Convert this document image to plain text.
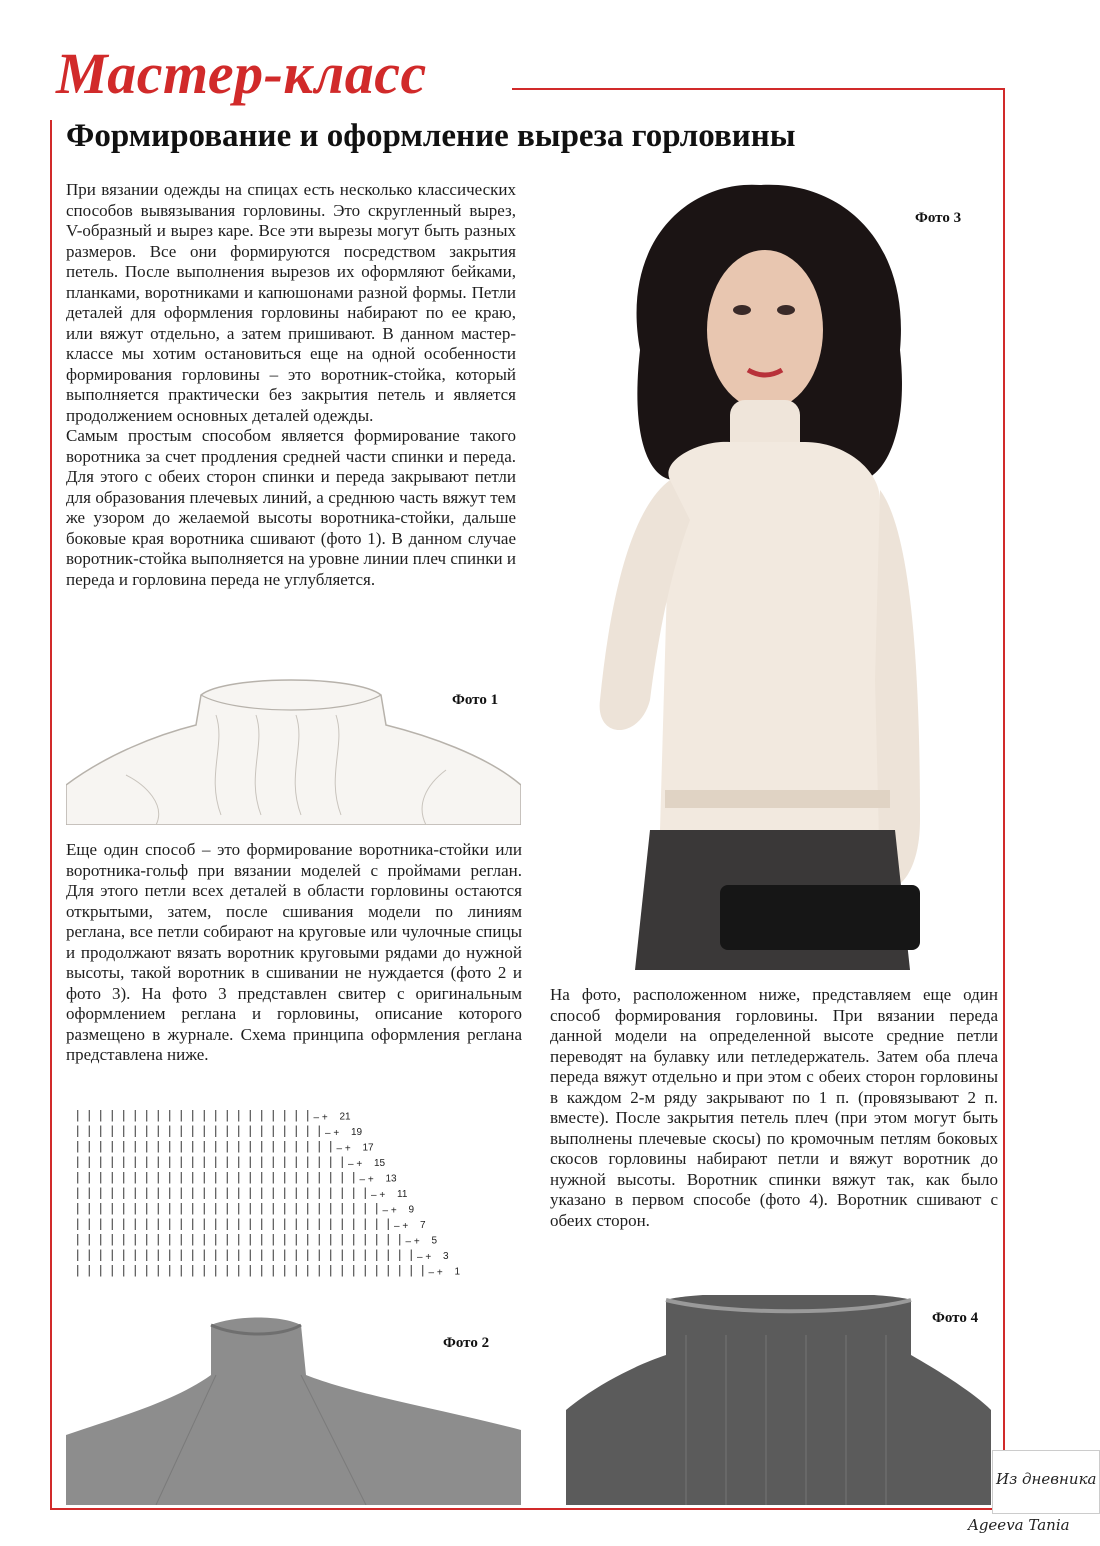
Мастер-класс
Формирование и оформление выреза горловины

При вязании одежды на спицах есть несколько классических способов вывязывания горловины. Это скругленный вырез, V-образный и вырез каре. Все эти вырезы могут быть разных размеров. Все они формируются посредством закрытия петель. После выполнения вырезов их оформляют бейками, планками, воротниками и капюшонами разной формы. Петли деталей для оформления горловины набирают по ее краю, или вяжут отдельно, а затем пришивают. В данном мастер-классе мы хотим остановиться еще на одной особенности формирования горловины – это воротник-стойка, который выполняется практически без закрытия петель и является продолжением основных деталей одежды.

Самым простым способом является формирование такого воротника за счет продления средней части спинки и переда. Для этого с обеих сторон спинки и переда закрывают петли для образования плечевых линий, а среднюю часть вяжут тем же узором до желаемой высоты воротника-стойки, дальше боковые края воротника сшивают (фото 1). В данном случае воротник-стойка выполняется на уровне линии плеч спинки и переда и горловина переда не углубляется.

Фото 3
Фото 1

Еще один способ – это формирование воротника-стойки или воротника-гольф при вязании моделей с проймами реглан. Для этого петли всех деталей в области горловины остаются открытыми, затем, после сшивания модели по линиям реглана, все петли собирают на круговые или чулочные спицы и продолжают вязать воротник круговыми рядами до нужной высоты, такой воротник в сшивании не нуждается (фото 2 и фото 3). На фото 3 представлен свитер с оригинальным оформлением реглана и горловины, описание которого размещено в журнале. Схема принципа оформления реглана представлена ниже.

– + 21
– + 19
– + 17
– + 15
– + 13
– + 11
– + 9
– + 7
– + 5
– + 3
– + 1

На фото, расположенном ниже, представляем еще один способ формирования горловины. При вязании переда данной модели на определенной высоте средние петли переводят на булавку или петледержатель. Затем оба плеча переда вяжут отдельно и при этом с обеих сторон горловины в каждом 2-м ряду закрывают по 1 п. (провязывают 2 п. вместе). После закрытия петель плеч (при этом могут быть выполнены плечевые скосы) по кромочным петлям боковых скосов горловины набирают петли и вяжут воротник до нужной высоты. Воротник спинки вяжут так, как было указано в первом способе (фото 4). Воротник сшивают с обеих сторон.

Фото 2
Фото 4
Из дневника
Ageeva Tania
